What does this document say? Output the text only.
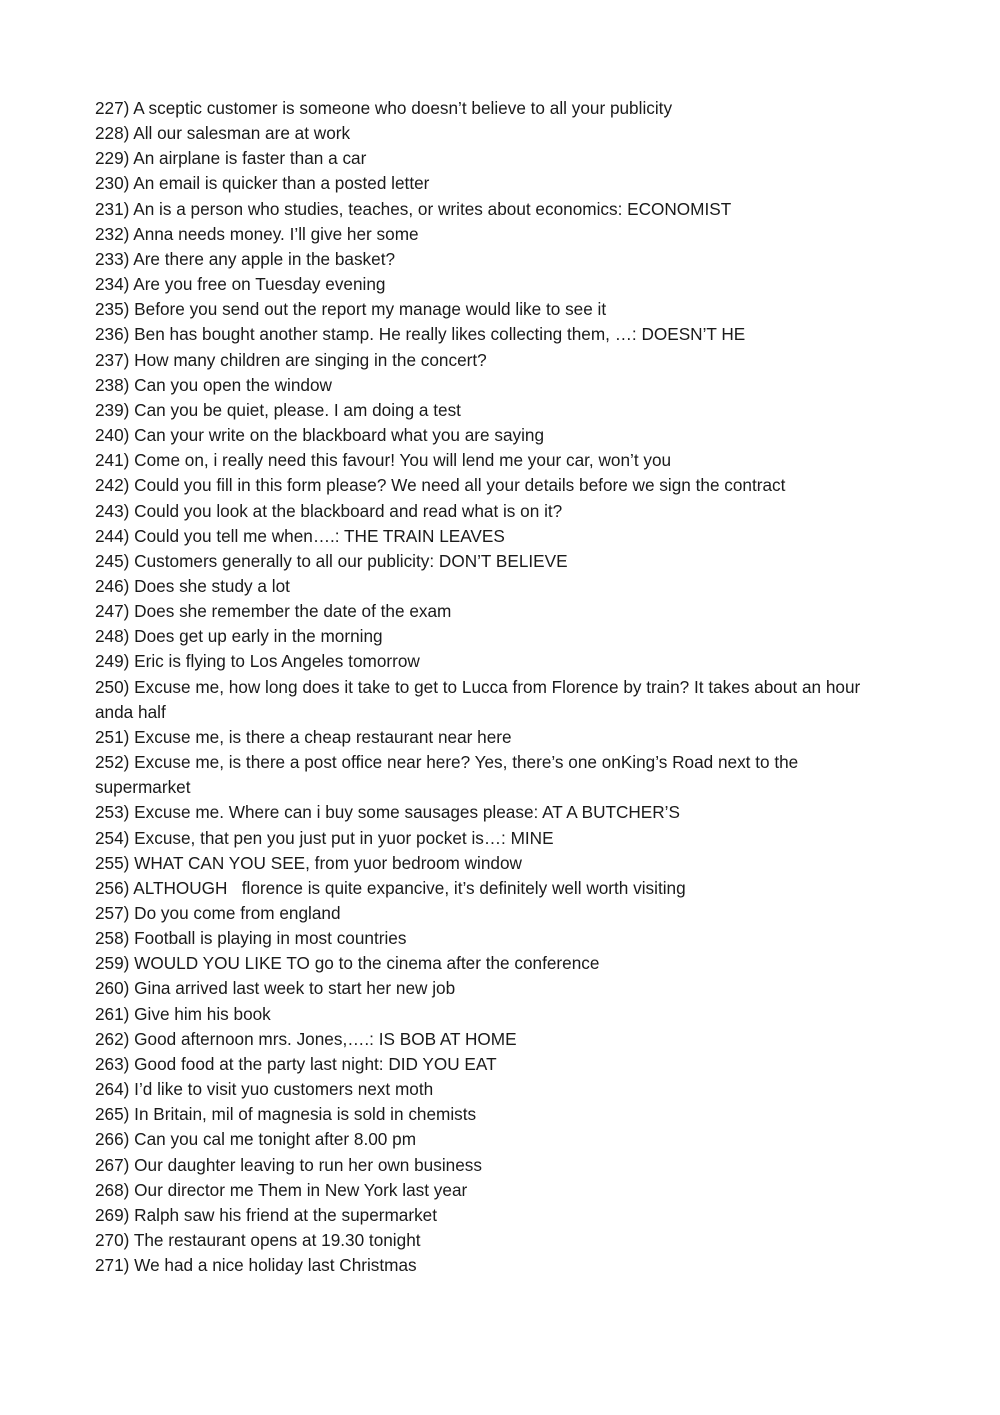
227) A sceptic customer is someone who doesn’t believe to all your publicity
228) All our salesman are at work
229) An airplane is faster than a car
230) An email is quicker than a posted letter
231) An is a person who studies, teaches, or writes about economics: ECONOMIST
232) Anna needs money. I’ll give her some
233) Are there any apple in the basket?
234) Are you free on Tuesday evening
235) Before you send out the report my manage would like to see it
236) Ben has bought another stamp. He really likes collecting them, …: DOESN’T HE
237) How many children are singing in the concert?
238) Can you open the window
239) Can you be quiet, please. I am doing a test
240) Can your write on the blackboard what you are saying
241) Come on, i really need this favour! You will lend me your car, won’t you
242) Could you fill in this form please? We need all your details before we sign the contract
243) Could you look at the blackboard and read what is on it?
244) Could you tell me when….: THE TRAIN LEAVES
245) Customers generally to all our publicity: DON’T BELIEVE
246) Does she study a lot
247) Does she remember the date of the exam
248) Does get up early in the morning
249) Eric is flying to Los Angeles tomorrow
250) Excuse me, how long does it take to get to Lucca from Florence by train? It takes about an hour anda half
251) Excuse me, is there a cheap restaurant near here
252) Excuse me, is there a post office near here? Yes, there’s one onKing’s Road next to the supermarket
253) Excuse me. Where can i buy some sausages please: AT A BUTCHER’S
254) Excuse, that pen you just put in yuor pocket is…: MINE
255) WHAT CAN YOU SEE, from yuor bedroom window
256) ALTHOUGH   florence is quite expancive, it’s definitely well worth visiting
257) Do you come from england
258) Football is playing in most countries
259) WOULD YOU LIKE TO go to the cinema after the conference
260) Gina arrived last week to start her new job
261) Give him his book
262) Good afternoon mrs. Jones,….: IS BOB AT HOME
263) Good food at the party last night: DID YOU EAT
264) I’d like to visit yuo customers next moth
265) In Britain, mil of magnesia is sold in chemists
266) Can you cal me tonight after 8.00 pm
267) Our daughter leaving to run her own business
268) Our director me Them in New York last year
269) Ralph saw his friend at the supermarket
270) The restaurant opens at 19.30 tonight
271) We had a nice holiday last Christmas
